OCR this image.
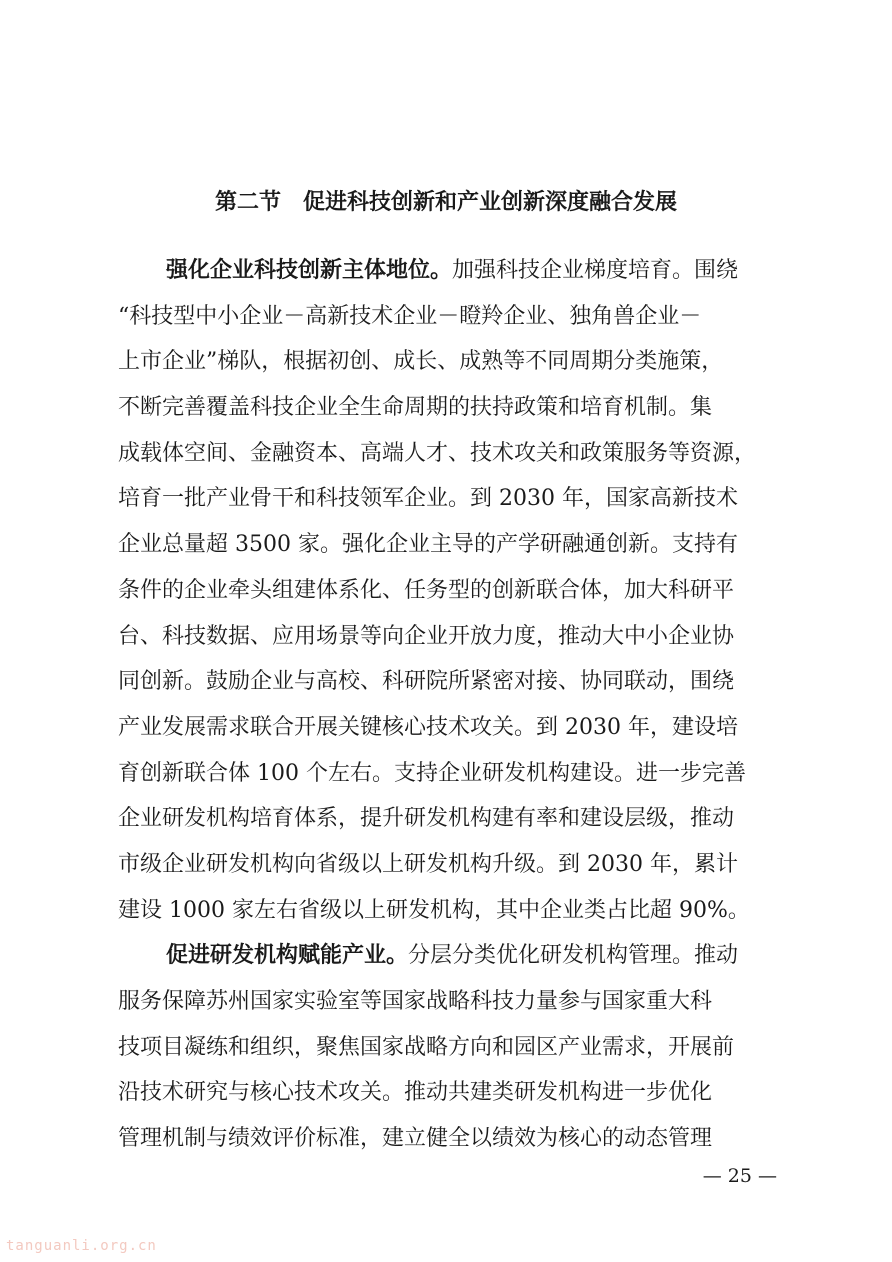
第二节　促进科技创新和产业创新深度融合发展
强化企业科技创新主体地位。加强科技企业梯度培育。围绕
“科技型中小企业－高新技术企业－瞪羚企业、独角兽企业－
上市企业”梯队，根据初创、成长、成熟等不同周期分类施策，
不断完善覆盖科技企业全生命周期的扶持政策和培育机制。集
成载体空间、金融资本、高端人才、技术攻关和政策服务等资源，
培育一批产业骨干和科技领军企业。到 2030 年，国家高新技术
企业总量超 3500 家。强化企业主导的产学研融通创新。支持有
条件的企业牵头组建体系化、任务型的创新联合体，加大科研平
台、科技数据、应用场景等向企业开放力度，推动大中小企业协
同创新。鼓励企业与高校、科研院所紧密对接、协同联动，围绕
产业发展需求联合开展关键核心技术攻关。到 2030 年，建设培
育创新联合体 100 个左右。支持企业研发机构建设。进一步完善
企业研发机构培育体系，提升研发机构建有率和建设层级，推动
市级企业研发机构向省级以上研发机构升级。到 2030 年，累计
建设 1000 家左右省级以上研发机构，其中企业类占比超 90%。
促进研发机构赋能产业。分层分类优化研发机构管理。推动
服务保障苏州国家实验室等国家战略科技力量参与国家重大科
技项目凝练和组织，聚焦国家战略方向和园区产业需求，开展前
沿技术研究与核心技术攻关。推动共建类研发机构进一步优化
管理机制与绩效评价标准，建立健全以绩效为核心的动态管理
— 25 —
tanguanli.org.cn
